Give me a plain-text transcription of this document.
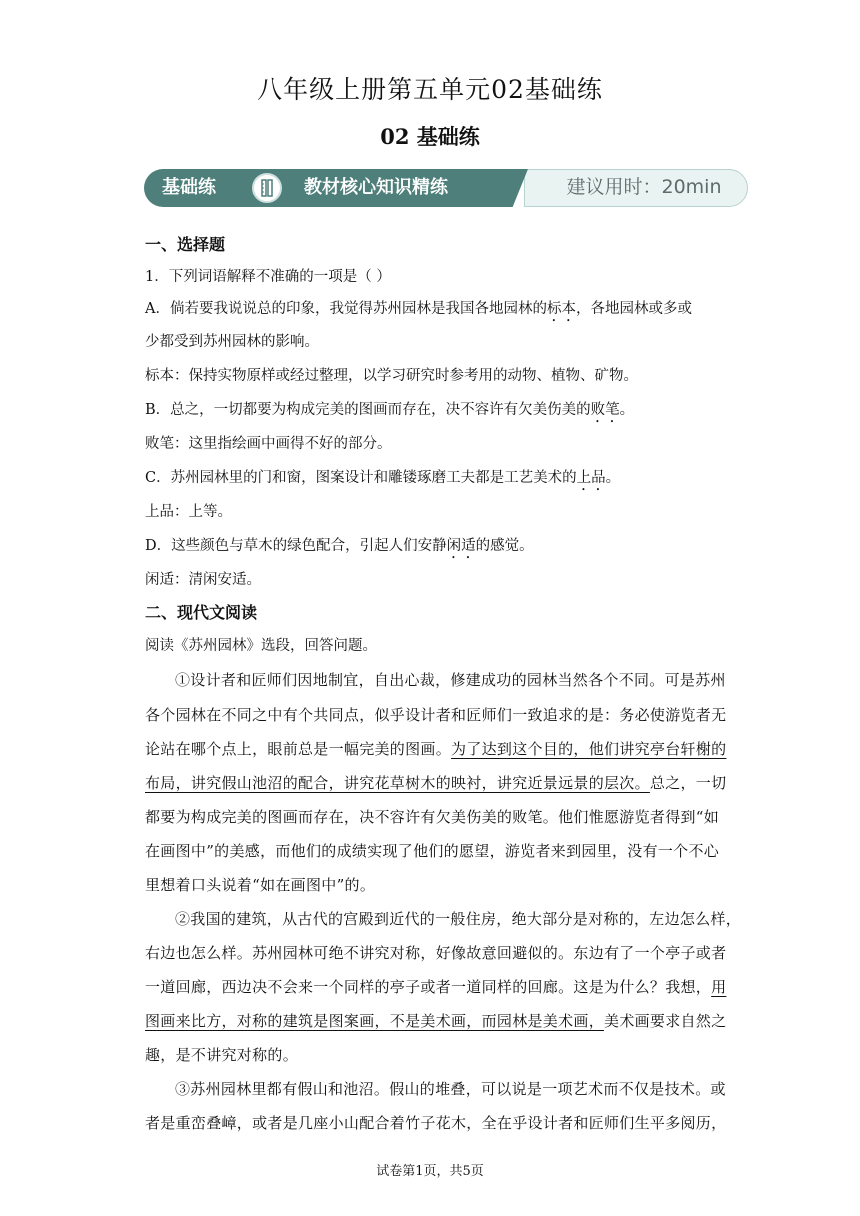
八年级上册第五单元02基础练
02 基础练
建议用时：20min
基础练	教材核心知识精练
一、选择题
1．下列词语解释不准确的一项是（ ）
A．倘若要我说说总的印象，我觉得苏州园林是我国各地园林的标本，各地园林或多或
少都受到苏州园林的影响。
标本：保持实物原样或经过整理，以学习研究时参考用的动物、植物、矿物。
B．总之，一切都要为构成完美的图画而存在，决不容许有欠美伤美的败笔。
败笔：这里指绘画中画得不好的部分。
C．苏州园林里的门和窗，图案设计和雕镂琢磨工夫都是工艺美术的上品。
上品：上等。
D．这些颜色与草木的绿色配合，引起人们安静闲适的感觉。
闲适：清闲安适。
二、现代文阅读
阅读《苏州园林》选段，回答问题。
①设计者和匠师们因地制宜，自出心裁，修建成功的园林当然各个不同。可是苏州
各个园林在不同之中有个共同点，似乎设计者和匠师们一致追求的是：务必使游览者无
论站在哪个点上，眼前总是一幅完美的图画。为了达到这个目的，他们讲究亭台轩榭的
布局，讲究假山池沼的配合，讲究花草树木的映衬，讲究近景远景的层次。总之，一切
都要为构成完美的图画而存在，决不容许有欠美伤美的败笔。他们惟愿游览者得到“如
在画图中”的美感，而他们的成绩实现了他们的愿望，游览者来到园里，没有一个不心
里想着口头说着“如在画图中”的。
②我国的建筑，从古代的宫殿到近代的一般住房，绝大部分是对称的，左边怎么样，
右边也怎么样。苏州园林可绝不讲究对称，好像故意回避似的。东边有了一个亭子或者
一道回廊，西边决不会来一个同样的亭子或者一道同样的回廊。这是为什么？我想，用
图画来比方，对称的建筑是图案画，不是美术画，而园林是美术画，美术画要求自然之
趣，是不讲究对称的。
③苏州园林里都有假山和池沼。假山的堆叠，可以说是一项艺术而不仅是技术。或
者是重峦叠嶂，或者是几座小山配合着竹子花木，全在乎设计者和匠师们生平多阅历，
试卷第1页，共5页
